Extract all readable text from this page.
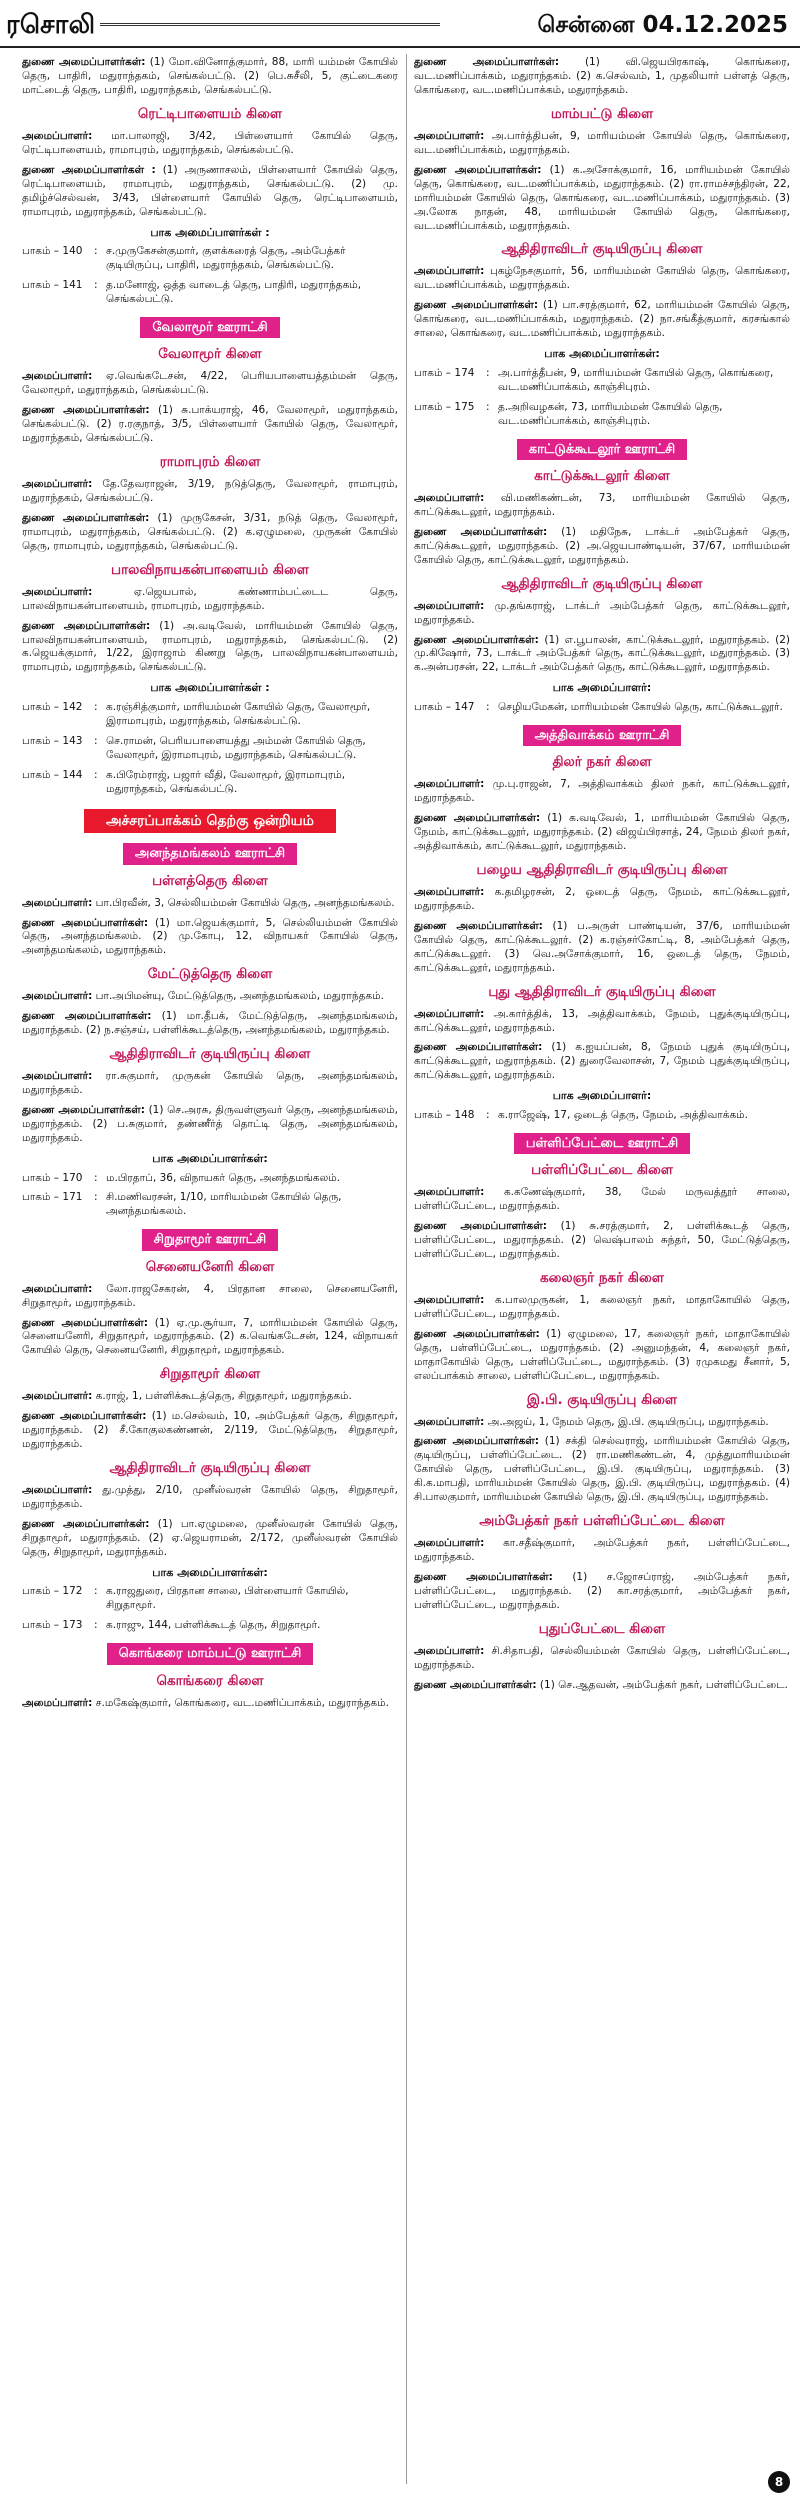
ரசொலி	சென்னை 04.12.2025
துணை அமைப்பாளர்கள்: (1) மோ.வினோத்குமார், 88, மாரி யம்மன் கோயில் தெரு, பாதிரி, மதுராந்தகம், செங்கல்பட்டு. (2) பெ.சுசீலி, 5, குட்டைகரை மாட்டைத் தெரு, பாதிரி, மதுராந்தகம், செங்கல்பட்டு.
ரெட்டிபாளையம் கிளை
அமைப்பாளர்: மா.பாலாஜி, 3/42, பிள்ளையார் கோயில் தெரு, ரெட்டிபாளையம், ராமாபுரம், மதுராந்தகம், செங்கல்பட்டு.
துணை அமைப்பாளர்கள் : (1) அருணாசலம், பிள்ளையார் கோயில் தெரு, ரெட்டிபாளையம், ராமாபுரம், மதுராந்தகம், செங்கல்பட்டு. (2) மு. தமிழ்ச்செல்வன், 3/43, பிள்ளையார் கோயில் தெரு, ரெட்டிபாளையம், ராமாபுரம், மதுராந்தகம், செங்கல்பட்டு.
பாக அமைப்பாளர்கள் :
பாகம் – 140	: ச.முருகேசன்குமார், குளக்கரைத் தெரு, அம்பேத்கர் குடியிருப்பு, பாதிரி, மதுராந்தகம், செங்கல்பட்டு.
பாகம் – 141	: த.மனோஜ், ஒத்த வாடைத் தெரு, பாதிரி, மதுராந்தகம், செங்கல்பட்டு.
வேலாமூர் ஊராட்சி
வேலாமூர் கிளை
அமைப்பாளர்: ஏ.வெங்கடேசன், 4/22, பெரியபாளையத்தம்மன் தெரு, வேலாமூர், மதுராந்தகம், செங்கல்பட்டு.
துணை அமைப்பாளர்கள்: (1) சு.பாக்யராஜ், 46, வேலாமூர், மதுராந்தகம், செங்கல்பட்டு. (2) ர.ரகுநாத், 3/5, பிள்ளையார் கோயில் தெரு, வேலாமூர், மதுராந்தகம், செங்கல்பட்டு.
ராமாபுரம் கிளை
அமைப்பாளர்: தே.தேவராஜன், 3/19, நடுத்தெரு, வேலாமூர், ராமாபுரம், மதுராந்தகம், செங்கல்பட்டு.
துணை அமைப்பாளர்கள்: (1) முருகேசன், 3/31, நடுத் தெரு, வேலாமூர், ராமாபுரம், மதுராந்தகம், செங்கல்பட்டு. (2) க.ஏழுமலை, முருகன் கோயில் தெரு, ராமாபுரம், மதுராந்தகம், செங்கல்பட்டு.
பாலவிநாயகன்பாளையம் கிளை
அமைப்பாளர்: ஏ.ஜெயபால், கண்ணாம்பட்டைட தெரு, பாலவிநாயகன்பாளையம், ராமாபுரம், மதுராந்தகம்.
துணை அமைப்பாளர்கள்: (1) அ.வடிவேல், மாரியம்மன் கோயில் தெரு, பாலவிநாயகன்பாளையம், ராமாபுரம், மதுராந்தகம், செங்கல்பட்டு. (2) க.ஜெயக்குமார், 1/22, இராஜாம் கிணறு தெரு, பாலவிநாயகன்பாளையம், ராமாபுரம், மதுராந்தகம், செங்கல்பட்டு.
பாக அமைப்பாளர்கள் :
பாகம் – 142	: க.ரஞ்சித்குமார், மாரியம்மன் கோயில் தெரு, வேலாமூர், இராமாபுரம், மதுராந்தகம், செங்கல்பட்டு.
பாகம் – 143	: செ.ராமன், பெரியபாளையத்து அம்மன் கோயில் தெரு, வேலாமூர், இராமாபுரம், மதுராந்தகம், செங்கல்பட்டு.
பாகம் – 144	: க.பிரேம்ராஜ், பஜார் வீதி, வேலாமூர், இராமாபுரம், மதுராந்தகம், செங்கல்பட்டு.
அச்சரப்பாக்கம் தெற்கு ஒன்றியம்
அனந்தமங்கலம் ஊராட்சி
பள்ளத்தெரு கிளை
அமைப்பாளர்: பா.பிரவீன், 3, செல்லியம்மன் கோயில் தெரு, அனந்தமங்கலம்.
துணை அமைப்பாளர்கள்: (1) மா.ஜெயக்குமார், 5, செல்லியம்மன் கோயில் தெரு, அனந்தமங்கலம். (2) மு.கோபு, 12, விநாயகர் கோயில் தெரு, அனந்தமங்கலம், மதுராந்தகம்.
மேட்டுத்தெரு கிளை
அமைப்பாளர்: பா.அபிமன்யு, மேட்டுத்தெரு, அனந்தமங்கலம், மதுராந்தகம்.
துணை அமைப்பாளர்கள்: (1) மா.தீபக், மேட்டுத்தெரு, அனந்தமங்கலம், மதுராந்தகம். (2) ந.சஞ்சய், பள்ளிக்கூடத்தெரு, அனந்தமங்கலம், மதுராந்தகம்.
ஆதிதிராவிடர் குடியிருப்பு கிளை
அமைப்பாளர்: ரா.சுகுமார், முருகன் கோயில் தெரு, அனந்தமங்கலம், மதுராந்தகம்.
துணை அமைப்பாளர்கள்: (1) செ.அரசு, திருவள்ளுவர் தெரு, அனந்தமங்கலம், மதுராந்தகம். (2) ப.சுகுமார், தண்ணீர்த் தொட்டி தெரு, அனந்தமங்கலம், மதுராந்தகம்.
பாக அமைப்பாளர்கள்:
பாகம் – 170	: ம.பிரதாப், 36, விநாயகர் தெரு, அனந்தமங்கலம்.
பாகம் – 171	: சி.மணிவரசன், 1/10, மாரியம்மன் கோயில் தெரு, அனந்தமங்கலம்.
சிறுதாமூர் ஊராட்சி
செனையனேரி கிளை
அமைப்பாளர்: லோ.ராஜசேகரன், 4, பிரதான சாலை, செனையனேரி, சிறுதாமூர், மதுராந்தகம்.
துணை அமைப்பாளர்கள்: (1) ஏ.மு.சூர்யா, 7, மாரியம்மன் கோயில் தெரு, செனையனேரி, சிறுதாமூர், மதுராந்தகம். (2) க.வெங்கடேசன், 124, விநாயகர் கோயில் தெரு, செனையனேரி, சிறுதாமூர், மதுராந்தகம்.
சிறுதாமூர் கிளை
அமைப்பாளர்: க.ராஜ், 1, பள்ளிக்கூடத்தெரு, சிறுதாமூர், மதுராந்தகம்.
துணை அமைப்பாளர்கள்: (1) ம.செல்வம், 10, அம்பேத்கர் தெரு, சிறுதாமூர், மதுராந்தகம். (2) சீ.கோகுலகண்ணன், 2/119, மேட்டுத்தெரு, சிறுதாமூர், மதுராந்தகம்.
ஆதிதிராவிடர் குடியிருப்பு கிளை
அமைப்பாளர்: து.முத்து, 2/10, முனீஸ்வரன் கோயில் தெரு, சிறுதாமூர், மதுராந்தகம்.
துணை அமைப்பாளர்கள்: (1) பா.ஏழுமலை, முனீஸ்வரன் கோயில் தெரு, சிறுதாமூர், மதுராந்தகம். (2) ஏ.ஜெயராமன், 2/172, முனீஸ்வரன் கோயில் தெரு, சிறுதாமூர், மதுராந்தகம்.
பாக அமைப்பாளர்கள்:
பாகம் – 172	: க.ராஜதுரை, பிரதான சாலை, பிள்ளையார் கோயில், சிறுதாமூர்.
பாகம் – 173	: க.ராஜு, 144, பள்ளிக்கூடத் தெரு, சிறுதாமூர்.
கொங்கரை மாம்பட்டு ஊராட்சி
கொங்கரை கிளை
அமைப்பாளர்: ச.மகேஷ்குமார், கொங்கரை, வட.மணிப்பாக்கம், மதுராந்தகம்.
துணை அமைப்பாளர்கள்: (1) வி.ஜெயபிரகாஷ், கொங்கரை, வட.மணிப்பாக்கம், மதுராந்தகம். (2) க.செல்வம், 1, முதலியார் பள்ளத் தெரு, கொங்கரை, வட.மணிப்பாக்கம், மதுராந்தகம்.
மாம்பட்டு கிளை
அமைப்பாளர்: அ.பார்த்திபன், 9, மாரியம்மன் கோயில் தெரு, கொங்கரை, வட.மணிப்பாக்கம், மதுராந்தகம்.
துணை அமைப்பாளர்கள்: (1) க.அசோக்குமார், 16, மாரியம்மன் கோயில் தெரு, கொங்கரை, வட.மணிப்பாக்கம், மதுராந்தகம். (2) ரா.ராமச்சந்திரன், 22, மாரியம்மன் கோயில் தெரு, கொங்கரை, வட.மணிப்பாக்கம், மதுராந்தகம். (3) அ.லோக நாதன், 48, மாரியம்மன் கோயில் தெரு, கொங்கரை, வட.மணிப்பாக்கம், மதுராந்தகம்.
ஆதிதிராவிடர் குடியிருப்பு கிளை
அமைப்பாளர்: புகழ்நேசகுமார், 56, மாரியம்மன் கோயில் தெரு, கொங்கரை, வட.மணிப்பாக்கம், மதுராந்தகம்.
துணை அமைப்பாளர்கள்: (1) பா.சரத்குமார், 62, மாரியம்மன் கோயில் தெரு, கொங்கரை, வட.மணிப்பாக்கம், மதுராந்தகம். (2) நா.சங்கீத்குமார், கரசங்கால் சாலை, கொங்கரை, வட.மணிப்பாக்கம், மதுராந்தகம்.
பாக அமைப்பாளர்கள்:
பாகம் – 174	: அ.பார்த்தீபன், 9, மாரியம்மன் கோயில் தெரு, கொங்கரை, வட.மணிப்பாக்கம், காஞ்சிபுரம்.
பாகம் – 175	: த.அறிவழகன், 73, மாரியம்மன் கோயில் தெரு, வட.மணிப்பாக்கம், காஞ்சிபுரம்.
காட்டுக்கூடலூர் ஊராட்சி
காட்டுக்கூடலூர் கிளை
அமைப்பாளர்: வி.மணிகண்டன், 73, மாரியம்மன் கோயில் தெரு, காட்டுக்கூடலூர், மதுராந்தகம்.
துணை அமைப்பாளர்கள்: (1) மதிநேசு, டாக்டர் அம்பேத்கர் தெரு, காட்டுக்கூடலூர், மதுராந்தகம். (2) அ.ஜெயபாண்டியன், 37/67, மாரியம்மன் கோயில் தெரு, காட்டுக்கூடலூர், மதுராந்தகம்.
ஆதிதிராவிடர் குடியிருப்பு கிளை
அமைப்பாளர்: மு.தங்கராஜ், டாக்டர் அம்பேத்கர் தெரு, காட்டுக்கூடலூர், மதுராந்தகம்.
துணை அமைப்பாளர்கள்: (1) எ.பூபாலன், காட்டுக்கூடலூர், மதுராந்தகம். (2) மு.கிஷோர், 73, டாக்டர் அம்பேத்கர் தெரு, காட்டுக்கூடலூர், மதுராந்தகம். (3) க.அன்பரசன், 22, டாக்டர் அம்பேத்கர் தெரு, காட்டுக்கூடலூர், மதுராந்தகம்.
பாக அமைப்பாளர்:
பாகம் – 147	: செழியமேகன், மாரியம்மன் கோயில் தெரு, காட்டுக்கூடலூர்.
அத்திவாக்கம் ஊராட்சி
திலர் நகர் கிளை
அமைப்பாளர்: மு.பு.ராஜன், 7, அத்திவாக்கம் திலர் நகர், காட்டுக்கூடலூர், மதுராந்தகம்.
துணை அமைப்பாளர்கள்: (1) க.வடிவேல், 1, மாரியம்மன் கோயில் தெரு, நேமம், காட்டுக்கூடலூர், மதுராந்தகம். (2) விஜய்பிரசாத், 24, நேமம் திலர் நகர், அத்திவாக்கம், காட்டுக்கூடலூர், மதுராந்தகம்.
பழைய ஆதிதிராவிடர் குடியிருப்பு கிளை
அமைப்பாளர்: க.தமிழரசன், 2, ஒடைத் தெரு, நேமம், காட்டுக்கூடலூர், மதுராந்தகம்.
துணை அமைப்பாளர்கள்: (1) ப.அருள் பாண்டியன், 37/6, மாரியம்மன் கோயில் தெரு, காட்டுக்கூடலூர். (2) க.ரஞ்சர்கோட்டி, 8, அம்பேத்கர் தெரு, காட்டுக்கூடலூர். (3) வெ.அசோக்குமார், 16, ஒடைத் தெரு, நேமம், காட்டுக்கூடலூர், மதுராந்தகம்.
புது ஆதிதிராவிடர் குடியிருப்பு கிளை
அமைப்பாளர்: அ.கார்த்திக், 13, அத்திவாக்கம், நேமம், புதுக்குடியிருப்பு, காட்டுக்கூடலூர், மதுராந்தகம்.
துணை அமைப்பாளர்கள்: (1) க.ஐயப்பன், 8, நேமம் புதுக் குடியிருப்பு, காட்டுக்கூடலூர், மதுராந்தகம். (2) துரைவேலாசன், 7, நேமம் புதுக்குடியிருப்பு, காட்டுக்கூடலூர், மதுராந்தகம்.
பாக அமைப்பாளர்:
பாகம் – 148	: க.ராஜேஷ், 17, ஒடைத் தெரு, நேமம், அத்திவாக்கம்.
பள்ளிப்பேட்டை ஊராட்சி
பள்ளிப்பேட்டை கிளை
அமைப்பாளர்: க.கணேஷ்குமார், 38, மேல் மருவத்தூர் சாலை, பள்ளிப்பேட்டை, மதுராந்தகம்.
துணை அமைப்பாளர்கள்: (1) சு.சரத்குமார், 2, பள்ளிக்கூடத் தெரு, பள்ளிப்பேட்டை, மதுராந்தகம். (2) வெஷ்பாலம் சுந்தர், 50, மேட்டுத்தெரு, பள்ளிப்பேட்டை, மதுராந்தகம்.
கலைஞர் நகர் கிளை
அமைப்பாளர்: க.பாலமுருகன், 1, கலைஞர் நகர், மாதாகோயில் தெரு, பள்ளிப்பேட்டை, மதுராந்தகம்.
துணை அமைப்பாளர்கள்: (1) ஏழுமலை, 17, கலைஞர் நகர், மாதாகோயில் தெரு, பள்ளிப்பேட்டை, மதுராந்தகம். (2) அனுமந்தன், 4, கலைஞர் நகர், மாதாகோயில் தெரு, பள்ளிப்பேட்டை, மதுராந்தகம். (3) ரமுகமது சீனார், 5, எலப்பாக்கம் சாலை, பள்ளிப்பேட்டை, மதுராந்தகம்.
இ.பி. குடியிருப்பு கிளை
அமைப்பாளர்: அ.அஜய், 1, நேமம் தெரு, இ.பி. குடியிருப்பு, மதுராந்தகம்.
துணை அமைப்பாளர்கள்: (1) சக்தி செல்வராஜ், மாரியம்மன் கோயில் தெரு, குடியிருப்பு, பள்ளிப்பேட்டை. (2) ரா.மணிகண்டன், 4, முத்துமாரியம்மன் கோயில் தெரு, பள்ளிப்பேட்டை, இ.பி. குடியிருப்பு, மதுராந்தகம். (3) கி.க.மாபதி, மாரியம்மன் கோயில் தெரு, இ.பி. குடியிருப்பு, மதுராந்தகம். (4) சி.பாலகுமார், மாரியம்மன் கோயில் தெரு, இ.பி. குடியிருப்பு, மதுராந்தகம்.
அம்பேத்கர் நகர் பள்ளிப்பேட்டை கிளை
அமைப்பாளர்: கா.சதீஷ்குமார், அம்பேத்கர் நகர், பள்ளிப்பேட்டை, மதுராந்தகம்.
துணை அமைப்பாளர்கள்: (1) ச.ஜோசப்ராஜ், அம்பேத்கர் நகர், பள்ளிப்பேட்டை, மதுராந்தகம். (2) கா.சரத்குமார், அம்பேத்கர் நகர், பள்ளிப்பேட்டை, மதுராந்தகம்.
புதுப்பேட்டை கிளை
அமைப்பாளர்: சி.சிதாபதி, செல்லியம்மன் கோயில் தெரு, பள்ளிப்பேட்டை, மதுராந்தகம்.
துணை அமைப்பாளர்கள்: (1) செ.ஆதவன், அம்பேத்கர் நகர், பள்ளிப்பேட்டை.
8
